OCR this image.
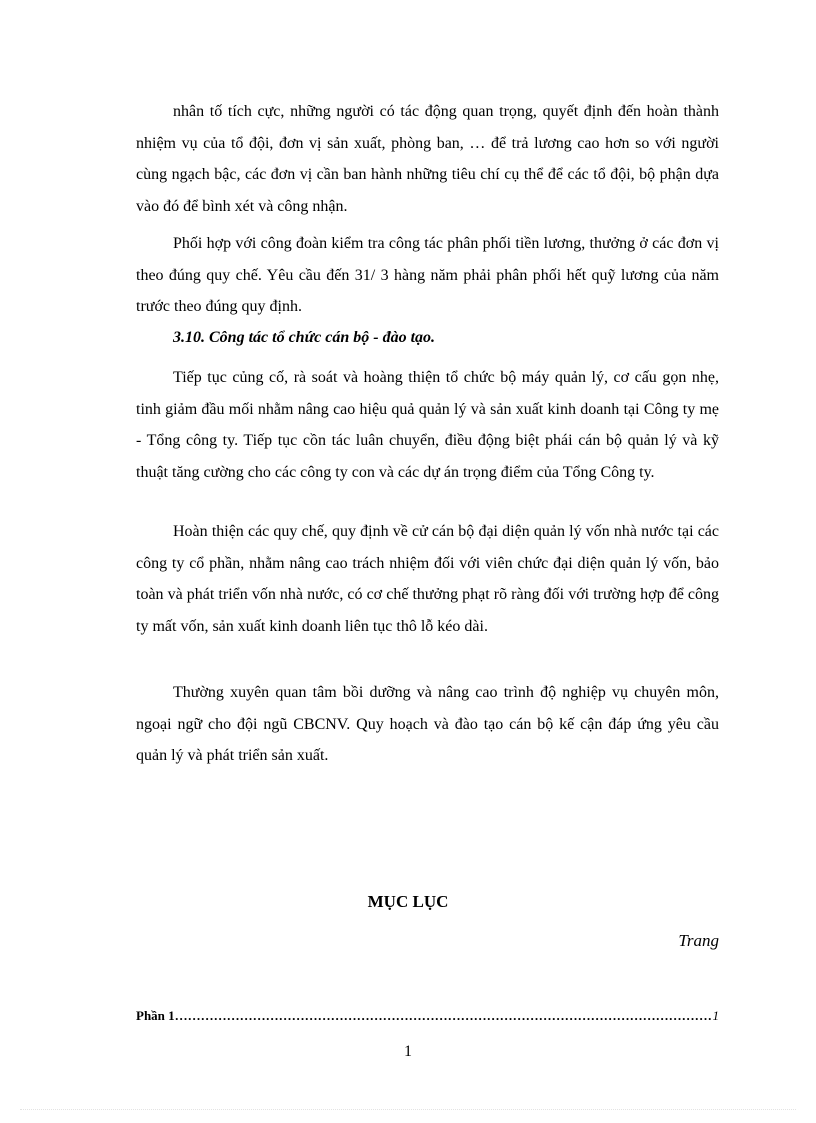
nhân tố tích cực, những người có tác động quan trọng, quyết định đến hoàn thành nhiệm vụ của tổ đội, đơn vị sản xuất, phòng ban, … để trả lương cao hơn so với người cùng ngạch bậc, các đơn vị cần ban hành những tiêu chí cụ thể để các tổ đội, bộ phận dựa vào đó để bình xét và công nhận.

Phối hợp với công đoàn kiểm tra công tác phân phối tiền lương, thưởng ở các đơn vị theo đúng quy chế. Yêu cầu đến 31/ 3 hàng năm phải phân phối hết quỹ lương của năm trước theo đúng quy định.

3.10. Công tác tổ chức cán bộ - đào tạo.

Tiếp tục củng cố, rà soát và hoàng thiện tổ chức bộ máy quản lý, cơ cấu gọn nhẹ, tinh giảm đầu mối nhằm nâng cao hiệu quả quản lý và sản xuất kinh doanh tại Công ty mẹ - Tổng công ty. Tiếp tục cồn tác luân chuyển, điều động biệt phái cán bộ quản lý và kỹ thuật tăng cường cho các công ty con và các dự án trọng điểm của Tổng Công ty.

Hoàn thiện các quy chế, quy định về cử cán bộ đại diện quản lý vốn nhà nước tại các công ty cổ phần, nhằm nâng cao trách nhiệm đối với viên chức đại diện quản lý vốn, bảo toàn và phát triển vốn nhà nước, có cơ chế thưởng phạt rõ ràng đối với trường hợp để công ty mất vốn, sản xuất kinh doanh liên tục thô lỗ kéo dài.

Thường xuyên quan tâm bồi dưỡng và nâng cao trình độ nghiệp vụ chuyên môn, ngoại ngữ cho đội ngũ CBCNV. Quy hoạch và đào tạo cán bộ kế cận đáp ứng yêu cầu quản lý và phát triển sản xuất.

MỤC LỤC
Trang
Phần 1
………………………………………………………………………………………………………………………………………………………………	1
1
